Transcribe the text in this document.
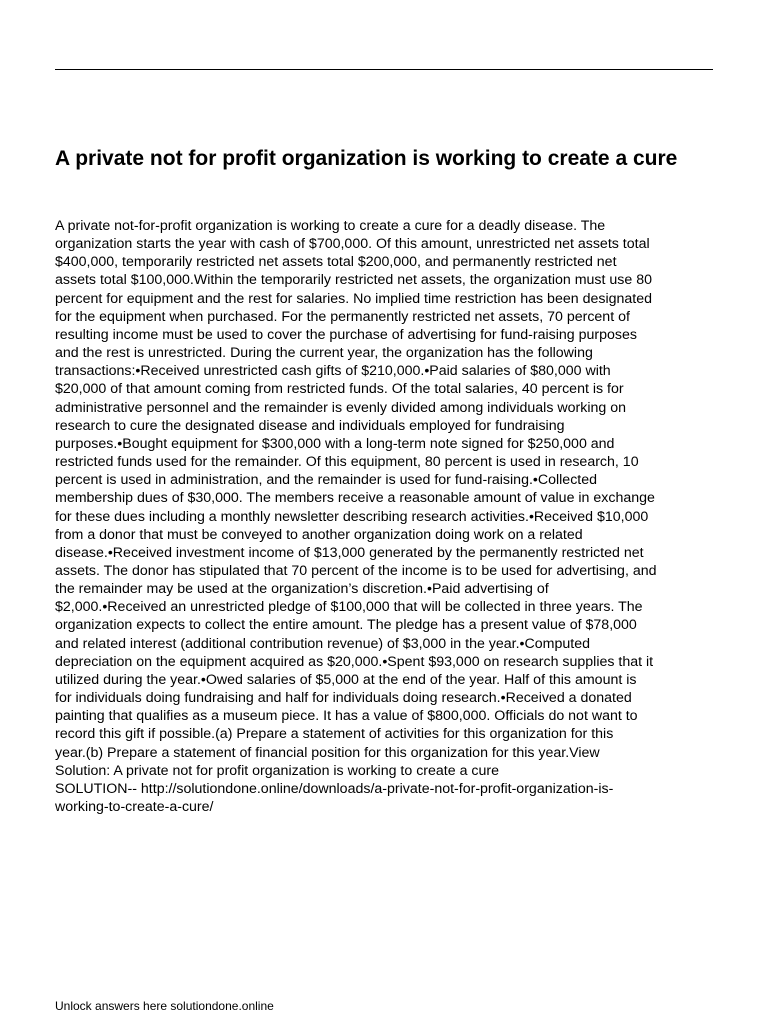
A private not for profit organization is working to create a cure
A private not-for-profit organization is working to create a cure for a deadly disease. The
organization starts the year with cash of $700,000. Of this amount, unrestricted net assets total
$400,000, temporarily restricted net assets total $200,000, and permanently restricted net
assets total $100,000.Within the temporarily restricted net assets, the organization must use 80
percent for equipment and the rest for salaries. No implied time restriction has been designated
for the equipment when purchased. For the permanently restricted net assets, 70 percent of
resulting income must be used to cover the purchase of advertising for fund-raising purposes
and the rest is unrestricted. During the current year, the organization has the following
transactions:•Received unrestricted cash gifts of $210,000.•Paid salaries of $80,000 with
$20,000 of that amount coming from restricted funds. Of the total salaries, 40 percent is for
administrative personnel and the remainder is evenly divided among individuals working on
research to cure the designated disease and individuals employed for fundraising
purposes.•Bought equipment for $300,000 with a long-term note signed for $250,000 and
restricted funds used for the remainder. Of this equipment, 80 percent is used in research, 10
percent is used in administration, and the remainder is used for fund-raising.•Collected
membership dues of $30,000. The members receive a reasonable amount of value in exchange
for these dues including a monthly newsletter describing research activities.•Received $10,000
from a donor that must be conveyed to another organization doing work on a related
disease.•Received investment income of $13,000 generated by the permanently restricted net
assets. The donor has stipulated that 70 percent of the income is to be used for advertising, and
the remainder may be used at the organization’s discretion.•Paid advertising of
$2,000.•Received an unrestricted pledge of $100,000 that will be collected in three years. The
organization expects to collect the entire amount. The pledge has a present value of $78,000
and related interest (additional contribution revenue) of $3,000 in the year.•Computed
depreciation on the equipment acquired as $20,000.•Spent $93,000 on research supplies that it
utilized during the year.•Owed salaries of $5,000 at the end of the year. Half of this amount is
for individuals doing fundraising and half for individuals doing research.•Received a donated
painting that qualifies as a museum piece. It has a value of $800,000. Officials do not want to
record this gift if possible.(a) Prepare a statement of activities for this organization for this
year.(b) Prepare a statement of financial position for this organization for this year.View
Solution: A private not for profit organization is working to create a cure
SOLUTION-- http://solutiondone.online/downloads/a-private-not-for-profit-organization-is-
working-to-create-a-cure/

Unlock answers here solutiondone.online
